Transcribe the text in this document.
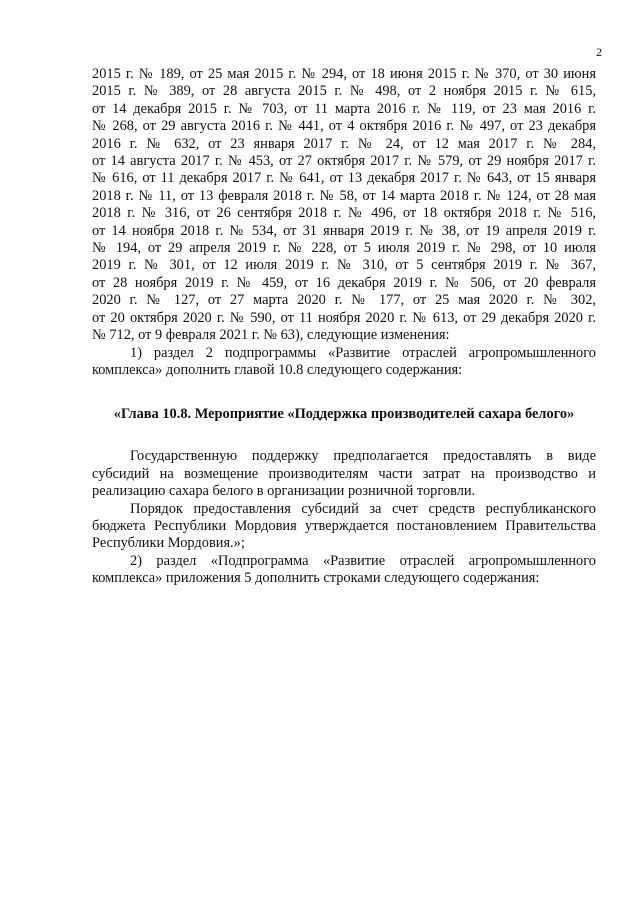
2

2015 г. № 189, от 25 мая 2015 г. № 294, от 18 июня 2015 г. № 370, от 30 июня
2015 г. № 389, от 28 августа 2015 г. № 498, от 2 ноября 2015 г. № 615,
от 14 декабря 2015 г. № 703, от 11 марта 2016 г. № 119, от 23 мая 2016 г.
№ 268, от 29 августа 2016 г. № 441, от 4 октября 2016 г. № 497, от 23 декабря
2016 г. № 632, от 23 января 2017 г. № 24, от 12 мая 2017 г. № 284,
от 14 августа 2017 г. № 453, от 27 октября 2017 г. № 579, от 29 ноября 2017 г.
№ 616, от 11 декабря 2017 г. № 641, от 13 декабря 2017 г. № 643, от 15 января
2018 г. № 11, от 13 февраля 2018 г. № 58, от 14 марта 2018 г. № 124, от 28 мая
2018 г. № 316, от 26 сентября 2018 г. № 496, от 18 октября 2018 г. № 516,
от 14 ноября 2018 г. № 534, от 31 января 2019 г. № 38, от 19 апреля 2019 г.
№ 194, от 29 апреля 2019 г. № 228, от 5 июля 2019 г. № 298, от 10 июля
2019 г. № 301, от 12 июля 2019 г. № 310, от 5 сентября 2019 г. № 367,
от 28 ноября 2019 г. № 459, от 16 декабря 2019 г. № 506, от 20 февраля
2020 г. № 127, от 27 марта 2020 г. № 177, от 25 мая 2020 г. № 302,
от 20 октября 2020 г. № 590, от 11 ноября 2020 г. № 613, от 29 декабря 2020 г.
№ 712, от 9 февраля 2021 г. № 63), следующие изменения:

1) раздел 2 подпрограммы «Развитие отраслей агропромышленного комплекса» дополнить главой 10.8 следующего содержания:

«Глава 10.8. Мероприятие «Поддержка производителей сахара белого»

Государственную поддержку предполагается предоставлять в виде субсидий на возмещение производителям части затрат на производство и реализацию сахара белого в организации розничной торговли.

Порядок предоставления субсидий за счет средств республиканского бюджета Республики Мордовия утверждается постановлением Правительства Республики Мордовия.»;

2) раздел «Подпрограмма «Развитие отраслей агропромышленного комплекса» приложения 5 дополнить строками следующего содержания:
